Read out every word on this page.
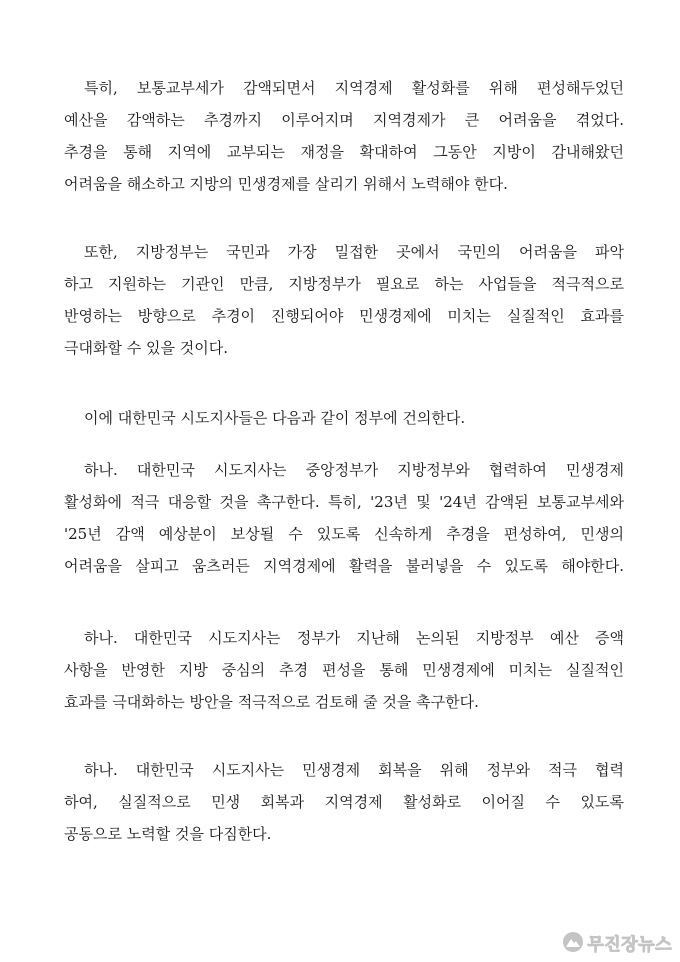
특히, 보통교부세가 감액되면서 지역경제 활성화를 위해 편성해두었던
예산을 감액하는 추경까지 이루어지며 지역경제가 큰 어려움을 겪었다.
추경을 통해 지역에 교부되는 재정을 확대하여 그동안 지방이 감내해왔던
어려움을 해소하고 지방의 민생경제를 살리기 위해서 노력해야 한다.
또한, 지방정부는 국민과 가장 밀접한 곳에서 국민의 어려움을 파악
하고 지원하는 기관인 만큼, 지방정부가 필요로 하는 사업들을 적극적으로
반영하는 방향으로 추경이 진행되어야 민생경제에 미치는 실질적인 효과를
극대화할 수 있을 것이다.
이에 대한민국 시도지사들은 다음과 같이 정부에 건의한다.
하나. 대한민국 시도지사는 중앙정부가 지방정부와 협력하여 민생경제
활성화에 적극 대응할 것을 촉구한다. 특히, '23년 및 '24년 감액된 보통교부세와
'25년 감액 예상분이 보상될 수 있도록 신속하게 추경을 편성하여, 민생의
어려움을 살피고 움츠러든 지역경제에 활력을 불러넣을 수 있도록 해야한다.
하나. 대한민국 시도지사는 정부가 지난해 논의된 지방정부 예산 증액
사항을 반영한 지방 중심의 추경 편성을 통해 민생경제에 미치는 실질적인
효과를 극대화하는 방안을 적극적으로 검토해 줄 것을 촉구한다.
하나. 대한민국 시도지사는 민생경제 회복을 위해 정부와 적극 협력
하여, 실질적으로 민생 회복과 지역경제 활성화로 이어질 수 있도록
공동으로 노력할 것을 다짐한다.
무진장뉴스
